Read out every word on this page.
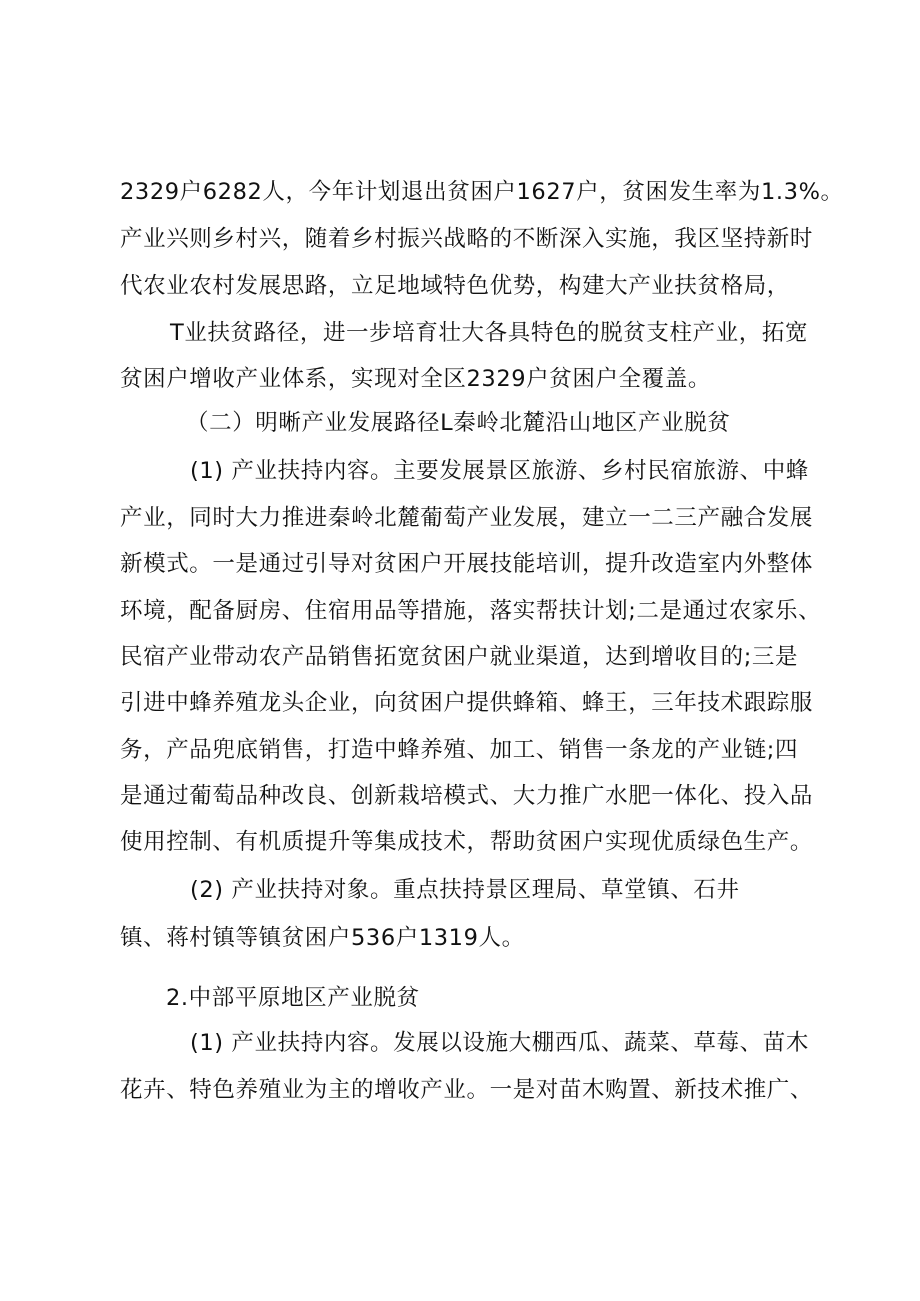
2329户6282人，今年计划退出贫困户1627户，贫困发生率为1.3%。
产业兴则乡村兴，随着乡村振兴战略的不断深入实施，我区坚持新时
代农业农村发展思路，立足地域特色优势，构建大产业扶贫格局，
T业扶贫路径，进一步培育壮大各具特色的脱贫支柱产业，拓宽
贫困户增收产业体系，实现对全区2329户贫困户全覆盖。
（二）明晰产业发展路径L秦岭北麓沿山地区产业脱贫
(1) 产业扶持内容。主要发展景区旅游、乡村民宿旅游、中蜂
产业，同时大力推进秦岭北麓葡萄产业发展，建立一二三产融合发展
新模式。一是通过引导对贫困户开展技能培训，提升改造室内外整体
环境，配备厨房、住宿用品等措施，落实帮扶计划;二是通过农家乐、
民宿产业带动农产品销售拓宽贫困户就业渠道，达到增收目的;三是
引进中蜂养殖龙头企业，向贫困户提供蜂箱、蜂王，三年技术跟踪服
务，产品兜底销售，打造中蜂养殖、加工、销售一条龙的产业链;四
是通过葡萄品种改良、创新栽培模式、大力推广水肥一体化、投入品
使用控制、有机质提升等集成技术，帮助贫困户实现优质绿色生产。
(2) 产业扶持对象。重点扶持景区理局、草堂镇、石井
镇、蒋村镇等镇贫困户536户1319人。
2.中部平原地区产业脱贫
(1) 产业扶持内容。发展以设施大棚西瓜、蔬菜、草莓、苗木
花卉、特色养殖业为主的增收产业。一是对苗木购置、新技术推广、
